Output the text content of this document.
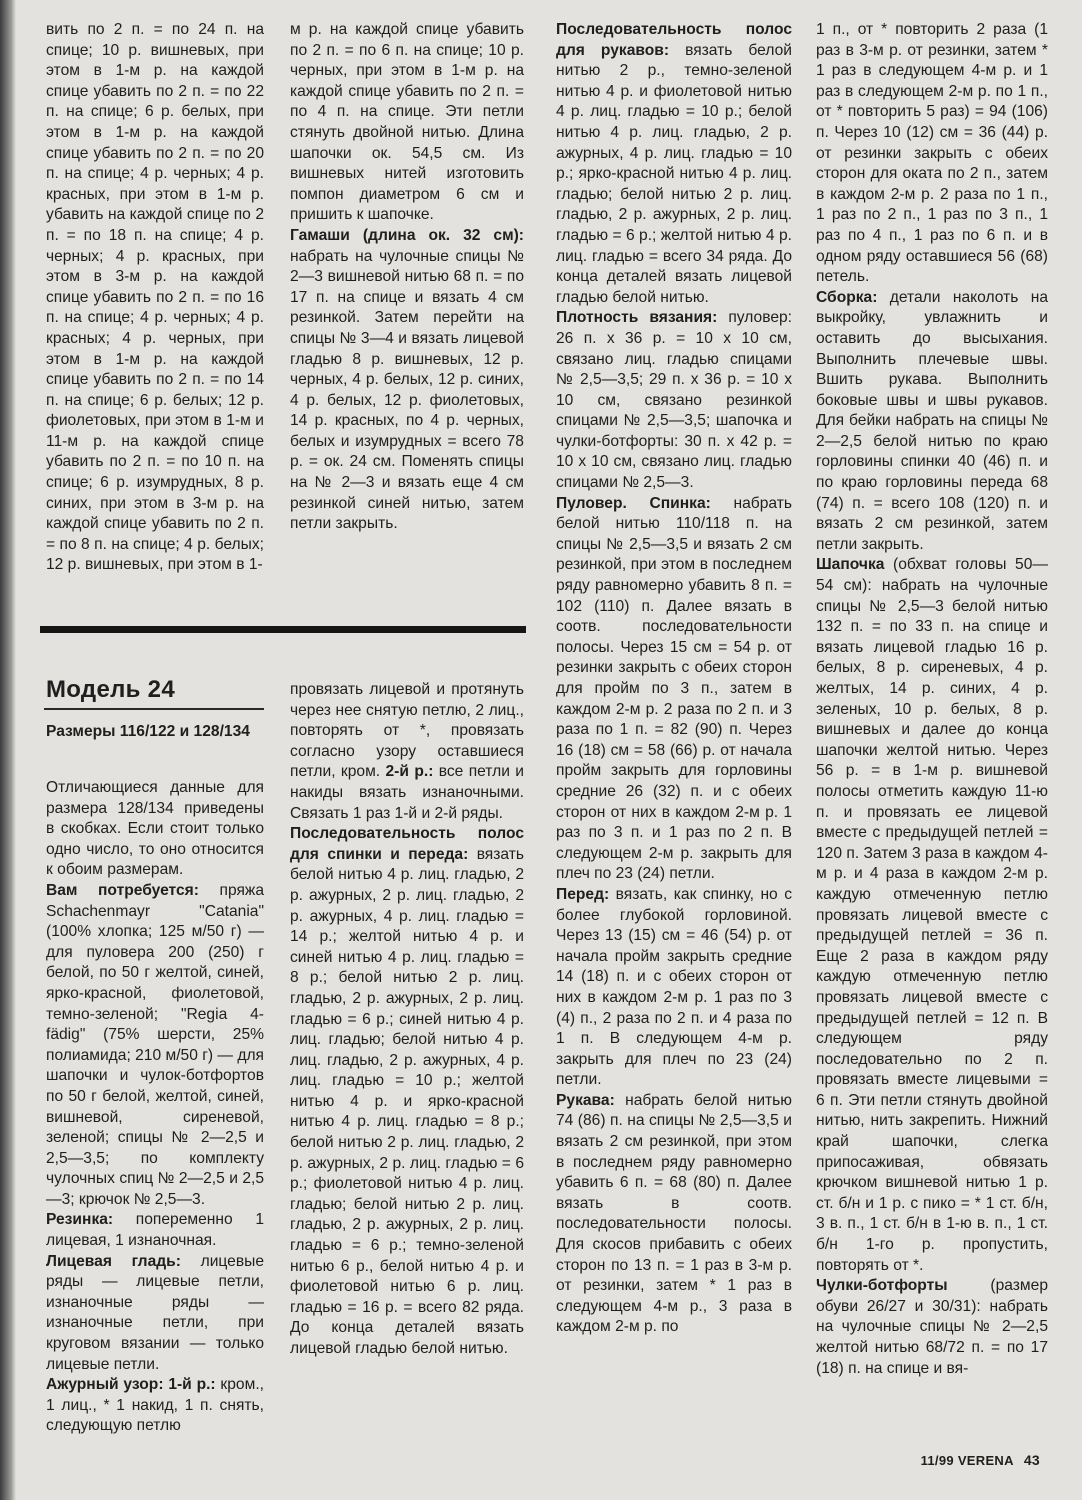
вить по 2 п. = по 24 п. на спице; 10 р. вишневых, при этом в 1-м р. на каждой спице убавить по 2 п. = по 22 п. на спице; 6 р. белых, при этом в 1-м р. на каждой спице убавить по 2 п. = по 20 п. на спице; 4 р. черных; 4 р. красных, при этом в 1-м р. убавить на каждой спице по 2 п. = по 18 п. на спице; 4 р. черных; 4 р. красных, при этом в 3-м р. на каждой спице убавить по 2 п. = по 16 п. на спице; 4 р. черных; 4 р. красных; 4 р. черных, при этом в 1-м р. на каждой спице убавить по 2 п. = по 14 п. на спице; 6 р. белых; 12 р. фиолетовых, при этом в 1-м и 11-м р. на каждой спице убавить по 2 п. = по 10 п. на спице; 6 р. изумрудных, 8 р. синих, при этом в 3-м р. на каждой спице убавить по 2 п. = по 8 п. на спице; 4 р. белых; 12 р. вишневых, при этом в 1-

м р. на каждой спице убавить по 2 п. = по 6 п. на спице; 10 р. черных, при этом в 1-м р. на каждой спице убавить по 2 п. = по 4 п. на спице. Эти петли стянуть двойной нитью. Длина шапочки ок. 54,5 см. Из вишневых нитей изготовить помпон диаметром 6 см и пришить к шапочке.
Гамаши (длина ок. 32 см): набрать на чулочные спицы № 2—3 вишневой нитью 68 п. = по 17 п. на спице и вязать 4 см резинкой. Затем перейти на спицы № 3—4 и вязать лицевой гладью 8 р. вишневых, 12 р. черных, 4 р. белых, 12 р. синих, 4 р. белых, 12 р. фиолетовых, 14 р. красных, по 4 р. черных, белых и изумрудных = всего 78 р. = ок. 24 см. Поменять спицы на № 2—3 и вязать еще 4 см резинкой синей нитью, затем петли закрыть.

Модель 24
Размеры 116/122 и 128/134

Отличающиеся данные для размера 128/134 приведены в скобках. Если стоит только одно число, то оно относится к обоим размерам.

Вам потребуется: пряжа Schachenmayr "Catania" (100% хлопка; 125 м/50 г) — для пуловера 200 (250) г белой, по 50 г желтой, синей, ярко-красной, фиолетовой, темно-зеленой; "Regia 4-fädig" (75% шерсти, 25% полиамида; 210 м/50 г) — для шапочки и чулок-ботфортов по 50 г белой, желтой, синей, вишневой, сиреневой, зеленой; спицы № 2—2,5 и 2,5—3,5; по комплекту чулочных спиц № 2—2,5 и 2,5—3; крючок № 2,5—3.

Резинка: попеременно 1 лицевая, 1 изнаночная.

Лицевая гладь: лицевые ряды — лицевые петли, изнаночные ряды — изнаночные петли, при круговом вязании — только лицевые петли.

Ажурный узор: 1-й р.: кром., 1 лиц., * 1 накид, 1 п. снять, следующую петлю

провязать лицевой и протянуть через нее снятую петлю, 2 лиц., повторять от *, провязать согласно узору оставшиеся петли, кром. 2-й р.: все петли и накиды вязать изнаночными. Связать 1 раз 1-й и 2-й ряды.

Последовательность полос для спинки и переда: вязать белой нитью 4 р. лиц. гладью, 2 р. ажурных, 2 р. лиц. гладью, 2 р. ажурных, 4 р. лиц. гладью = 14 р.; желтой нитью 4 р. и синей нитью 4 р. лиц. гладью = 8 р.; белой нитью 2 р. лиц. гладью, 2 р. ажурных, 2 р. лиц. гладью = 6 р.; синей нитью 4 р. лиц. гладью; белой нитью 4 р. лиц. гладью, 2 р. ажурных, 4 р. лиц. гладью = 10 р.; желтой нитью 4 р. и ярко-красной нитью 4 р. лиц. гладью = 8 р.; белой нитью 2 р. лиц. гладью, 2 р. ажурных, 2 р. лиц. гладью = 6 р.; фиолетовой нитью 4 р. лиц. гладью; белой нитью 2 р. лиц. гладью, 2 р. ажурных, 2 р. лиц. гладью = 6 р.; темно-зеленой нитью 6 р., белой нитью 4 р. и фиолетовой нитью 6 р. лиц. гладью = 16 р. = всего 82 ряда. До конца деталей вязать лицевой гладью белой нитью.

Последовательность полос для рукавов: вязать белой нитью 2 р., темно-зеленой нитью 4 р. и фиолетовой нитью 4 р. лиц. гладью = 10 р.; белой нитью 4 р. лиц. гладью, 2 р. ажурных, 4 р. лиц. гладью = 10 р.; ярко-красной нитью 4 р. лиц. гладью; белой нитью 2 р. лиц. гладью, 2 р. ажурных, 2 р. лиц. гладью = 6 р.; желтой нитью 4 р. лиц. гладью = всего 34 ряда. До конца деталей вязать лицевой гладью белой нитью.

Плотность вязания: пуловер: 26 п. х 36 р. = 10 х 10 см, связано лиц. гладью спицами № 2,5—3,5; 29 п. х 36 р. = 10 х 10 см, связано резинкой спицами № 2,5—3,5; шапочка и чулки-ботфорты: 30 п. х 42 р. = 10 х 10 см, связано лиц. гладью спицами № 2,5—3.

Пуловер. Спинка: набрать белой нитью 110/118 п. на спицы № 2,5—3,5 и вязать 2 см резинкой, при этом в последнем ряду равномерно убавить 8 п. = 102 (110) п. Далее вязать в соотв. последовательности полосы. Через 15 см = 54 р. от резинки закрыть с обеих сторон для пройм по 3 п., затем в каждом 2-м р. 2 раза по 2 п. и 3 раза по 1 п. = 82 (90) п. Через 16 (18) см = 58 (66) р. от начала пройм закрыть для горловины средние 26 (32) п. и с обеих сторон от них в каждом 2-м р. 1 раз по 3 п. и 1 раз по 2 п. В следующем 2-м р. закрыть для плеч по 23 (24) петли.

Перед: вязать, как спинку, но с более глубокой горловиной. Через 13 (15) см = 46 (54) р. от начала пройм закрыть средние 14 (18) п. и с обеих сторон от них в каждом 2-м р. 1 раз по 3 (4) п., 2 раза по 2 п. и 4 раза по 1 п. В следующем 4-м р. закрыть для плеч по 23 (24) петли.

Рукава: набрать белой нитью 74 (86) п. на спицы № 2,5—3,5 и вязать 2 см резинкой, при этом в последнем ряду равномерно убавить 6 п. = 68 (80) п. Далее вязать в соотв. последовательности полосы. Для скосов прибавить с обеих сторон по 13 п. = 1 раз в 3-м р. от резинки, затем * 1 раз в следующем 4-м р., 3 раза в каждом 2-м р. по

1 п., от * повторить 2 раза (1 раз в 3-м р. от резинки, затем * 1 раз в следующем 4-м р. и 1 раз в следующем 2-м р. по 1 п., от * повторить 5 раз) = 94 (106) п. Через 10 (12) см = 36 (44) р. от резинки закрыть с обеих сторон для оката по 2 п., затем в каждом 2-м р. 2 раза по 1 п., 1 раз по 2 п., 1 раз по 3 п., 1 раз по 4 п., 1 раз по 6 п. и в одном ряду оставшиеся 56 (68) петель.

Сборка: детали наколоть на выкройку, увлажнить и оставить до высыхания. Выполнить плечевые швы. Вшить рукава. Выполнить боковые швы и швы рукавов. Для бейки набрать на спицы № 2—2,5 белой нитью по краю горловины спинки 40 (46) п. и по краю горловины переда 68 (74) п. = всего 108 (120) п. и вязать 2 см резинкой, затем петли закрыть.

Шапочка (обхват головы 50—54 см): набрать на чулочные спицы № 2,5—3 белой нитью 132 п. = по 33 п. на спице и вязать лицевой гладью 16 р. белых, 8 р. сиреневых, 4 р. желтых, 14 р. синих, 4 р. зеленых, 10 р. белых, 8 р. вишневых и далее до конца шапочки желтой нитью. Через 56 р. = в 1-м р. вишневой полосы отметить каждую 11-ю п. и провязать ее лицевой вместе с предыдущей петлей = 120 п. Затем 3 раза в каждом 4-м р. и 4 раза в каждом 2-м р. каждую отмеченную петлю провязать лицевой вместе с предыдущей петлей = 36 п. Еще 2 раза в каждом ряду каждую отмеченную петлю провязать лицевой вместе с предыдущей петлей = 12 п. В следующем ряду последовательно по 2 п. провязать вместе лицевыми = 6 п. Эти петли стянуть двойной нитью, нить закрепить. Нижний край шапочки, слегка припосаживая, обвязать крючком вишневой нитью 1 р. ст. б/н и 1 р. с пико = * 1 ст. б/н, 3 в. п., 1 ст. б/н в 1-ю в. п., 1 ст. б/н 1-го р. пропустить, повторять от *.

Чулки-ботфорты (размер обуви 26/27 и 30/31): набрать на чулочные спицы № 2—2,5 желтой нитью 68/72 п. = по 17 (18) п. на спице и вя-

11/99 VERENA 43
